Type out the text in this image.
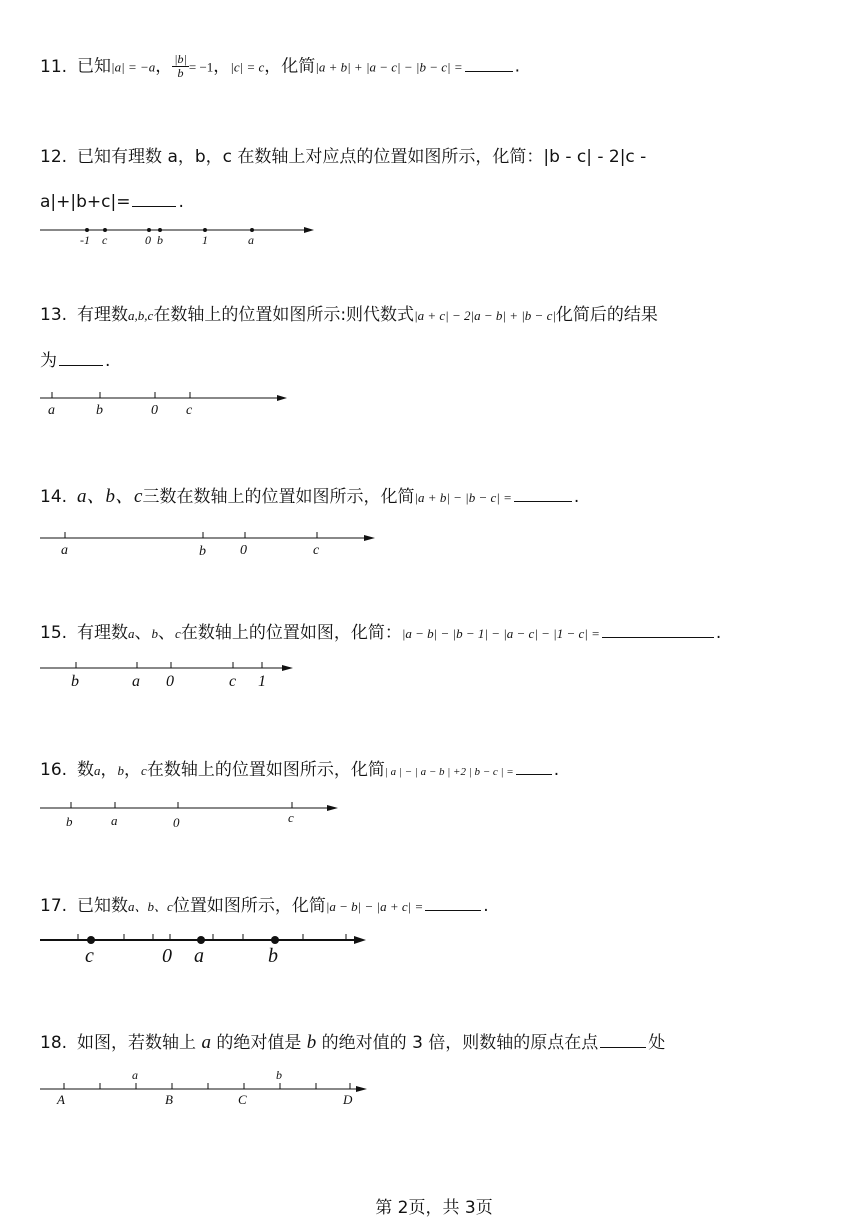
11. 已知|a| = −a， $\frac{|b|}{b} = -1$，|c| = c，化简|a + b| + |a − c| − |b − c| =	.
12. 已知有理数 a，b，c 在数轴上对应点的位置如图所示，化简：|b - c| - 2|c -
a|+|b+c|=	.
-1 c	0 b	1	a
13. 有理数a,b,c在数轴上的位置如图所示:则代数式|a + c| − 2|a − b| + |b − c|化简后的结果
为	.
a	b	0 c
14. a、b、c三数在数轴上的位置如图所示，化简|a + b| − |b − c| =	.
a	b 0	c
15. 有理数a、b、c在数轴上的位置如图，化简：|a − b| − |b − 1| − |a − c| − |1 − c| =	.
b	a 0	c 1
16. 数a，b，c在数轴上的位置如图所示，化简| a | − | a − b | +2 | b − c | = .
b	a	0	c
17. 已知数a、b、c位置如图所示，化简|a − b| − |a + c| =	.
c	0 a	b
18. 如图，若数轴上 a 的绝对值是 b 的绝对值的 3 倍，则数轴的原点在点	处
a	b
A	B	C	D
第 2页，共 3页
